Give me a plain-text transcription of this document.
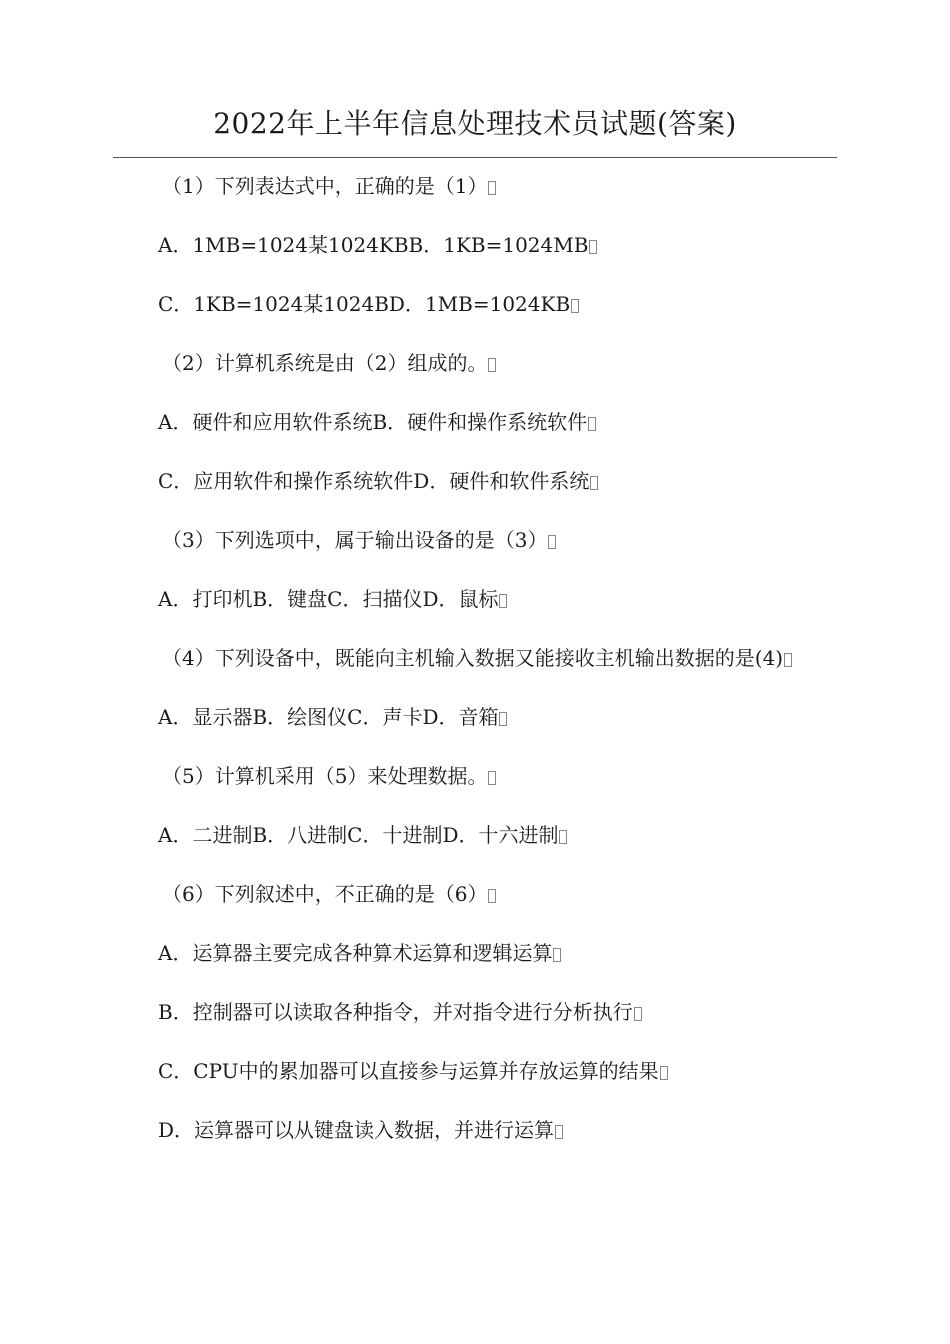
2022年上半年信息处理技术员试题(答案)

（1）下列表达式中，正确的是（1）

A．1MB=1024某1024KBB．1KB=1024MB

C．1KB=1024某1024BD．1MB=1024KB

（2）计算机系统是由（2）组成的。

A．硬件和应用软件系统B．硬件和操作系统软件

C．应用软件和操作系统软件D．硬件和软件系统

（3）下列选项中，属于输出设备的是（3）

A．打印机B．键盘C．扫描仪D．鼠标

（4）下列设备中，既能向主机输入数据又能接收主机输出数据的是(4)

A．显示器B．绘图仪C．声卡D．音箱

（5）计算机采用（5）来处理数据。

A．二进制B．八进制C．十进制D．十六进制

（6）下列叙述中，不正确的是（6）

A．运算器主要完成各种算术运算和逻辑运算

B．控制器可以读取各种指令，并对指令进行分析执行

C．CPU中的累加器可以直接参与运算并存放运算的结果

D．运算器可以从键盘读入数据，并进行运算
